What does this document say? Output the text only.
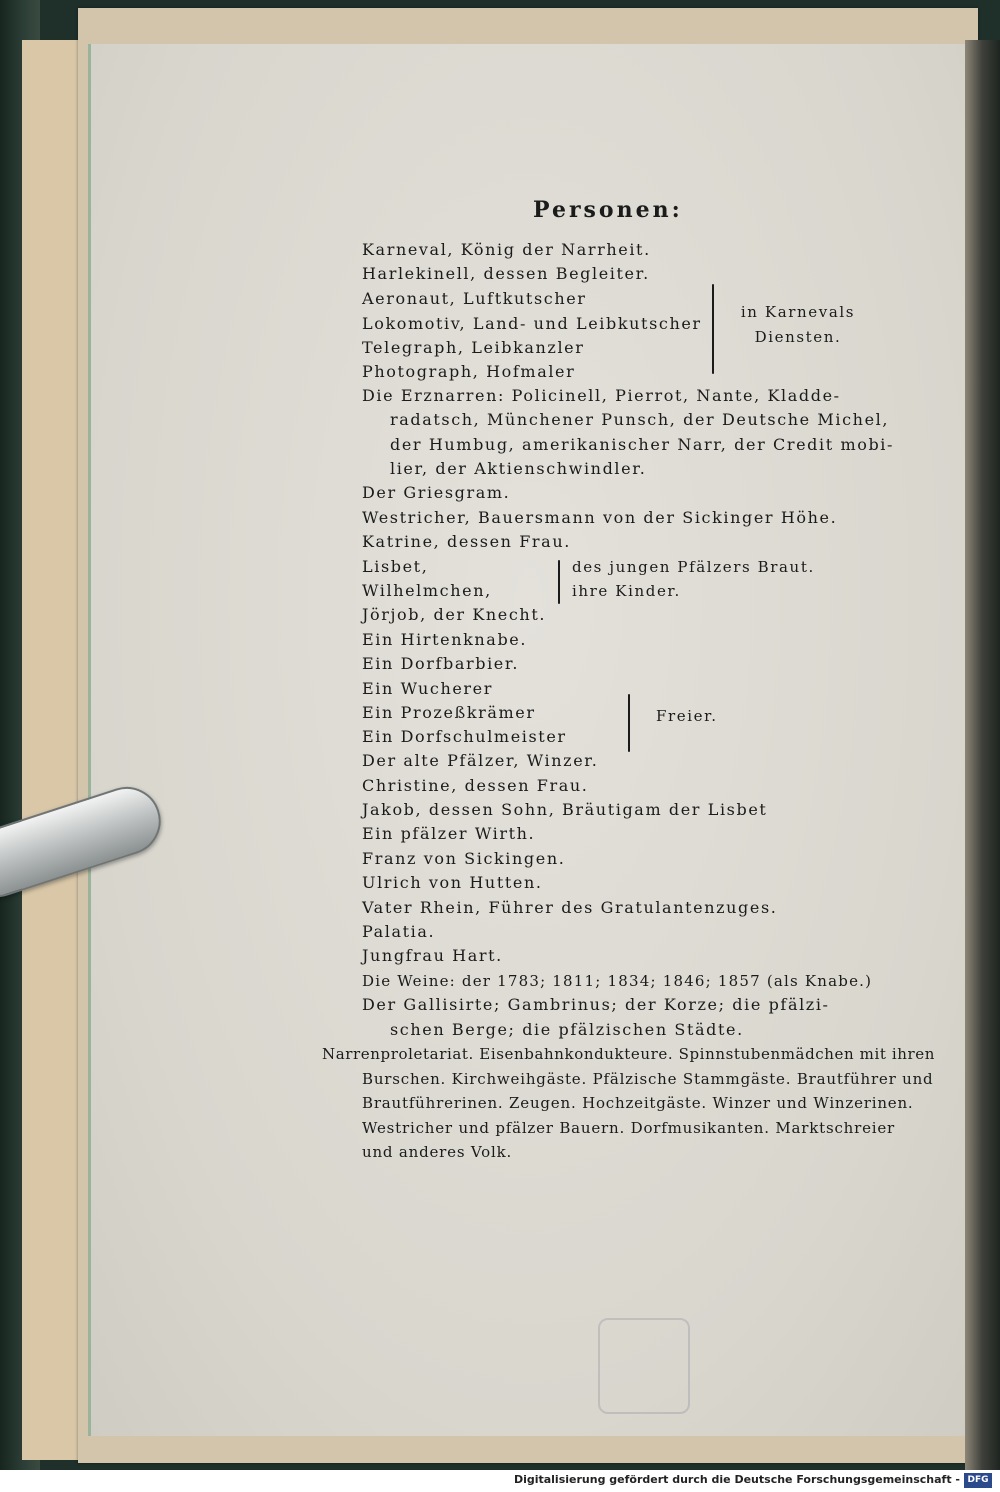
Personen:
Karneval, König der Narrheit.
Harlekinell, dessen Begleiter.
Aeronaut, Luftkutscher
Lokomotiv, Land- und Leibkutscher
Telegraph, Leibkanzler
Photograph, Hofmaler
in Karnevals
Diensten.
Die Erznarren: Policinell, Pierrot, Nante, Kladde-
radatsch, Münchener Punsch, der Deutsche Michel,
der Humbug, amerikanischer Narr, der Credit mobi-
lier, der Aktienschwindler.
Der Griesgram.
Westricher, Bauersmann von der Sickinger Höhe.
Katrine, dessen Frau.
Lisbet,
Wilhelmchen,
des jungen Pfälzers Braut.
ihre Kinder.
Jörjob, der Knecht.
Ein Hirtenknabe.
Ein Dorfbarbier.
Ein Wucherer
Ein Prozeßkrämer
Ein Dorfschulmeister
Freier.
Der alte Pfälzer, Winzer.
Christine, dessen Frau.
Jakob, dessen Sohn, Bräutigam der Lisbet
Ein pfälzer Wirth.
Franz von Sickingen.
Ulrich von Hutten.
Vater Rhein, Führer des Gratulantenzuges.
Palatia.
Jungfrau Hart.
Die Weine: der 1783; 1811; 1834; 1846; 1857 (als Knabe.)
Der Gallisirte; Gambrinus; der Korze; die pfälzi-
schen Berge; die pfälzischen Städte.
Narrenproletariat. Eisenbahnkondukteure. Spinnstubenmädchen mit ihren
Burschen. Kirchweihgäste. Pfälzische Stammgäste. Brautführer und
Brautführerinen. Zeugen. Hochzeitgäste. Winzer und Winzerinen.
Westricher und pfälzer Bauern. Dorfmusikanten. Marktschreier
und anderes Volk.
Digitalisierung gefördert durch die Deutsche Forschungsgemeinschaft - DFG
